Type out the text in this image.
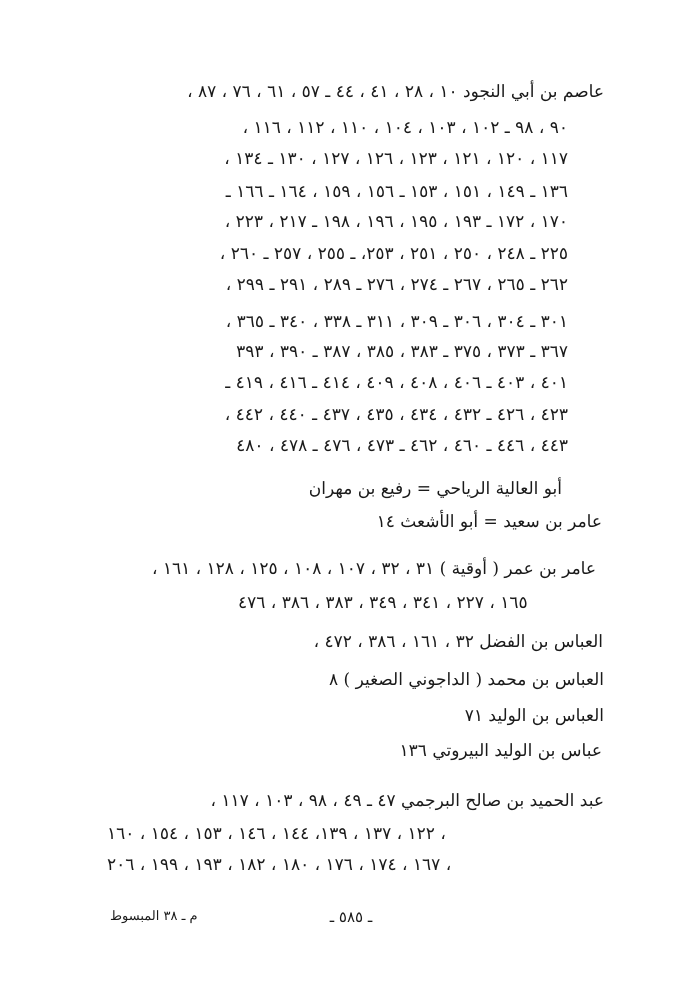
عاصم بن أبي النجود ١٠ ، ٢٨ ، ٤١ ، ٤٤ ـ ٥٧ ، ٦١ ، ٧٦ ، ٨٧ ،
٩٠ ، ٩٨ ـ ١٠٢ ، ١٠٣ ، ١٠٤ ، ١١٠ ، ١١٢ ، ١١٦ ،
١١٧ ، ١٢٠ ، ١٢١ ، ١٢٣ ، ١٢٦ ، ١٢٧ ، ١٣٠ ـ ١٣٤ ،
١٣٦ ـ ١٤٩ ، ١٥١ ، ١٥٣ ـ ١٥٦ ، ١٥٩ ، ١٦٤ ـ ١٦٦ ـ
١٧٠ ، ١٧٢ ـ ١٩٣ ، ١٩٥ ، ١٩٦ ، ١٩٨ ـ ٢١٧ ، ٢٢٣ ،
٢٢٥ ـ ٢٤٨ ، ٢٥٠ ، ٢٥١ ، ٢٥٣، ـ ٢٥٥ ، ٢٥٧ ـ ٢٦٠ ،
٢٦٢ ـ ٢٦٥ ، ٢٦٧ ـ ٢٧٤ ، ٢٧٦ ـ ٢٨٩ ، ٢٩١ ـ ٢٩٩ ،
٣٠١ ـ ٣٠٤ ، ٣٠٦ ـ ٣٠٩ ، ٣١١ ـ ٣٣٨ ، ٣٤٠ ـ ٣٦٥ ،
٣٦٧ ـ ٣٧٣ ، ٣٧٥ ـ ٣٨٣ ، ٣٨٥ ، ٣٨٧ ـ ٣٩٠ ، ٣٩٣
٤٠١ ، ٤٠٣ ـ ٤٠٦ ، ٤٠٨ ، ٤٠٩ ، ٤١٤ ـ ٤١٦ ، ٤١٩ ـ
٤٢٣ ، ٤٢٦ ـ ٤٣٢ ، ٤٣٤ ، ٤٣٥ ، ٤٣٧ ـ ٤٤٠ ، ٤٤٢ ،
٤٤٣ ، ٤٤٦ ـ ٤٦٠ ، ٤٦٢ ـ ٤٧٣ ، ٤٧٦ ـ ٤٧٨ ، ٤٨٠
أبو العالية الرياحي = رفيع بن مهران
عامر بن سعيد = أبو الأشعث ١٤
عامر بن عمر ( أوقية ) ٣١ ، ٣٢ ، ١٠٧ ، ١٠٨ ، ١٢٥ ، ١٢٨ ، ١٦١ ،
١٦٥ ، ٢٢٧ ، ٣٤١ ، ٣٤٩ ، ٣٨٣ ، ٣٨٦ ، ٤٧٦
العباس بن الفضل ٣٢ ، ١٦١ ، ٣٨٦ ، ٤٧٢ ،
العباس بن محمد ( الداجوني الصغير ) ٨
العباس بن الوليد ٧١
عباس بن الوليد البيروتي ١٣٦
عبد الحميد بن صالح البرجمي ٤٧ ـ ٤٩ ، ٩٨ ، ١٠٣ ، ١١٧ ،
١٢٢ ، ١٣٧ ، ١٣٩، ١٤٤ ، ١٤٦ ، ١٥٣ ، ١٥٤ ، ١٦٠ ،
١٦٧ ، ١٧٤ ، ١٧٦ ، ١٨٠ ، ١٨٢ ، ١٩٣ ، ١٩٩ ، ٢٠٦ ،
ـ ٥٨٥ ـ
م ـ ٣٨ المبسوط
